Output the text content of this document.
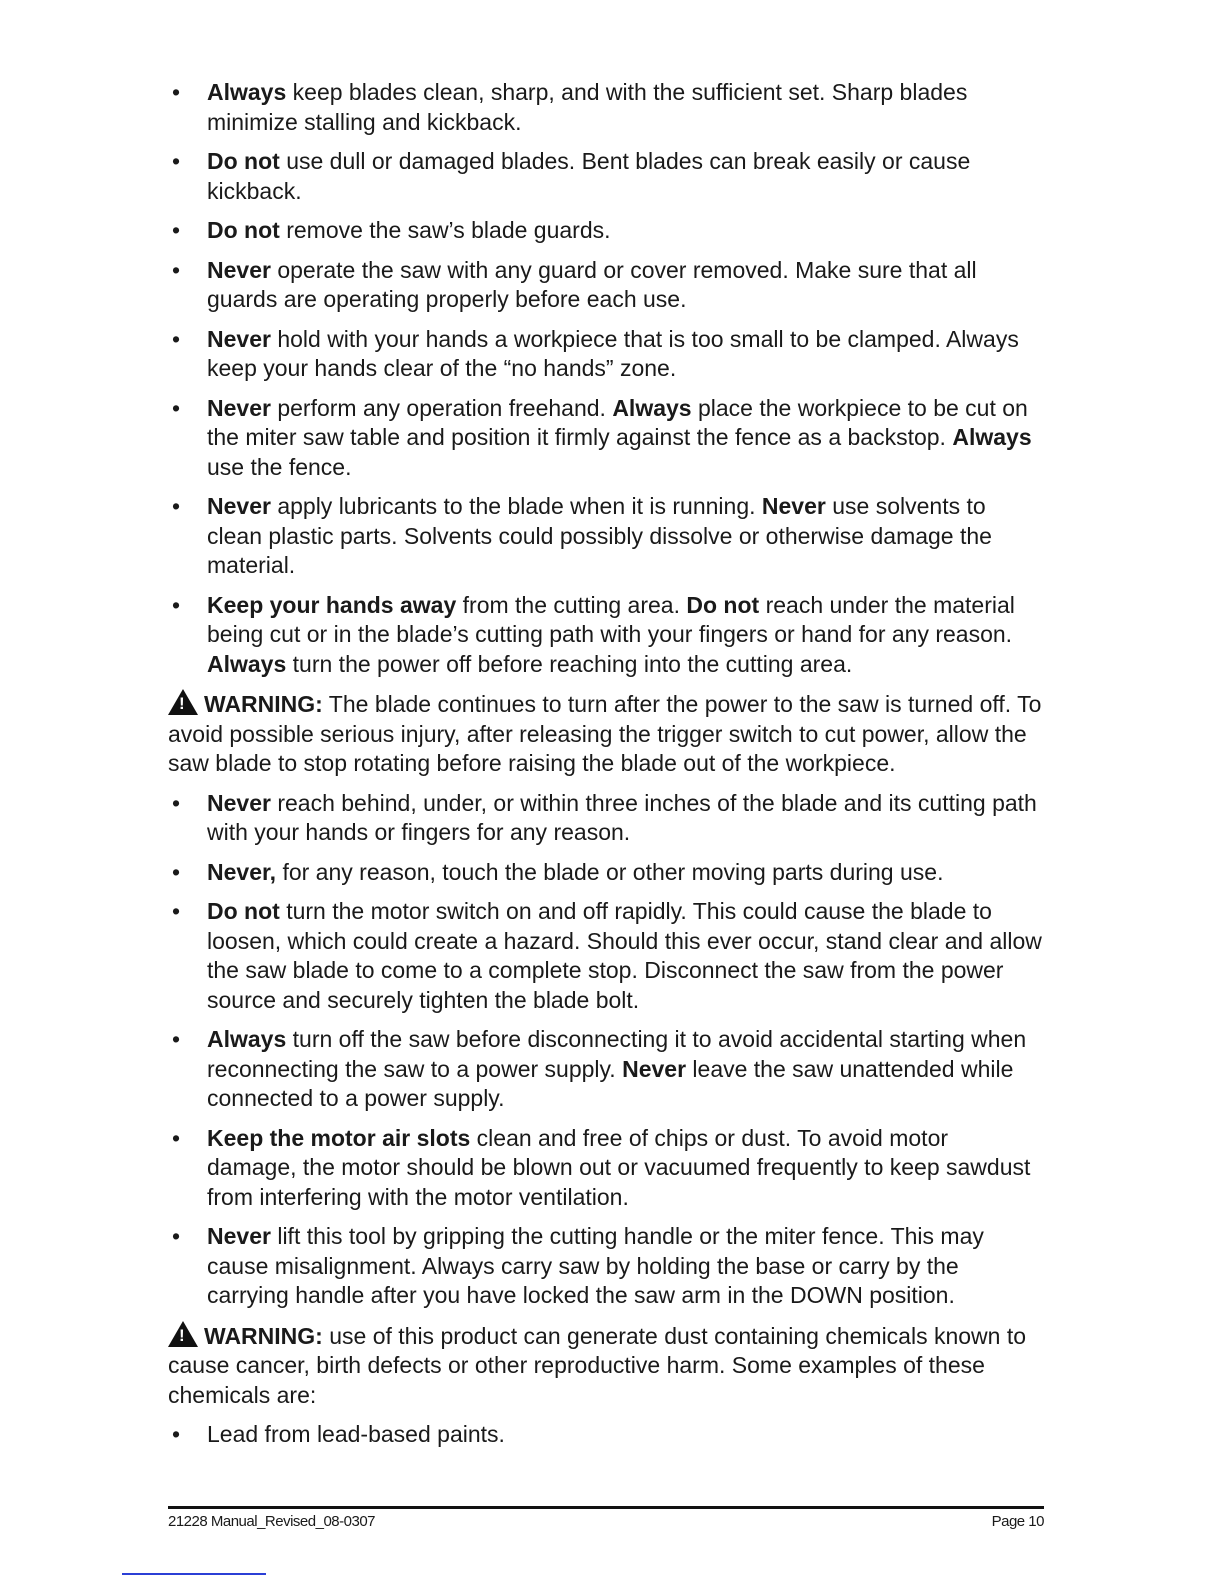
• Always keep blades clean, sharp, and with the sufficient set. Sharp blades minimize stalling and kickback.
• Do not use dull or damaged blades. Bent blades can break easily or cause kickback.
• Do not remove the saw’s blade guards.
• Never operate the saw with any guard or cover removed. Make sure that all guards are operating properly before each use.
• Never hold with your hands a workpiece that is too small to be clamped. Always keep your hands clear of the “no hands” zone.
• Never perform any operation freehand. Always place the workpiece to be cut on the miter saw table and position it firmly against the fence as a backstop. Always use the fence.
• Never apply lubricants to the blade when it is running. Never use solvents to clean plastic parts. Solvents could possibly dissolve or otherwise damage the material.
• Keep your hands away from the cutting area. Do not reach under the material being cut or in the blade’s cutting path with your fingers or hand for any reason. Always turn the power off before reaching into the cutting area.
!WARNING: The blade continues to turn after the power to the saw is turned off. To avoid possible serious injury, after releasing the trigger switch to cut power, allow the saw blade to stop rotating before raising the blade out of the workpiece.
• Never reach behind, under, or within three inches of the blade and its cutting path with your hands or fingers for any reason.
• Never, for any reason, touch the blade or other moving parts during use.
• Do not turn the motor switch on and off rapidly. This could cause the blade to loosen, which could create a hazard. Should this ever occur, stand clear and allow the saw blade to come to a complete stop. Disconnect the saw from the power source and securely tighten the blade bolt.
• Always turn off the saw before disconnecting it to avoid accidental starting when reconnecting the saw to a power supply. Never leave the saw unattended while connected to a power supply.
• Keep the motor air slots clean and free of chips or dust. To avoid motor damage, the motor should be blown out or vacuumed frequently to keep sawdust from interfering with the motor ventilation.
• Never lift this tool by gripping the cutting handle or the miter fence. This may cause misalignment. Always carry saw by holding the base or carry by the carrying handle after you have locked the saw arm in the DOWN position.
!WARNING: use of this product can generate dust containing chemicals known to cause cancer, birth defects or other reproductive harm. Some examples of these chemicals are:
• Lead from lead-based paints.
21228 Manual_Revised_08-0307	Page 10
